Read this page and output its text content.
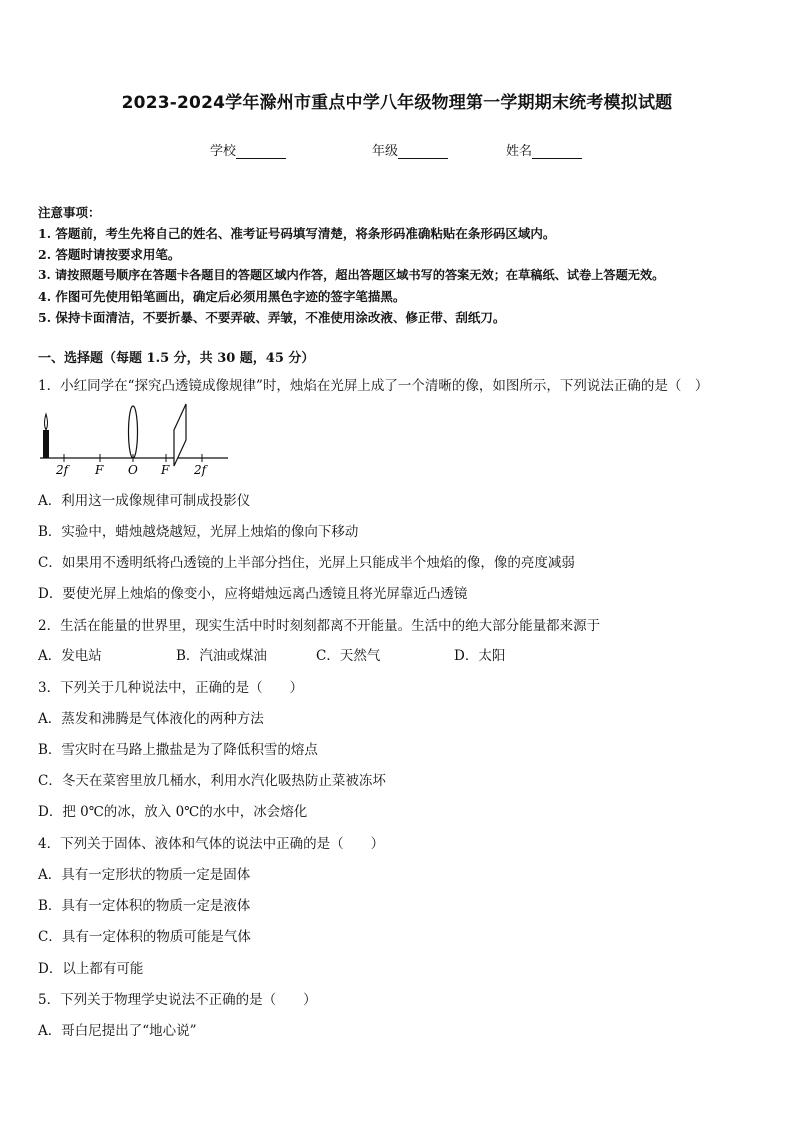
2023-2024学年滁州市重点中学八年级物理第一学期期末统考模拟试题
学校	年级	姓名
注意事项：
1. 答题前，考生先将自己的姓名、准考证号码填写清楚，将条形码准确粘贴在条形码区域内。
2. 答题时请按要求用笔。
3. 请按照题号顺序在答题卡各题目的答题区域内作答，超出答题区域书写的答案无效；在草稿纸、试卷上答题无效。
4. 作图可先使用铅笔画出，确定后必须用黑色字迹的签字笔描黑。
5. 保持卡面清洁，不要折暴、不要弄破、弄皱，不准使用涂改液、修正带、刮纸刀。
一、选择题（每题 1.5 分，共 30 题，45 分）
1．小红同学在“探究凸透镜成像规律”时，烛焰在光屏上成了一个清晰的像，如图所示，下列说法正确的是（　）
2f F O F 2f
A．利用这一成像规律可制成投影仪
B．实验中，蜡烛越烧越短，光屏上烛焰的像向下移动
C．如果用不透明纸将凸透镜的上半部分挡住，光屏上只能成半个烛焰的像，像的亮度减弱
D．要使光屏上烛焰的像变小，应将蜡烛远离凸透镜且将光屏靠近凸透镜
2．生活在能量的世界里，现实生活中时时刻刻都离不开能量。生活中的绝大部分能量都来源于
A．发电站	B．汽油或煤油	C．天然气	D．太阳
3．下列关于几种说法中，正确的是（　　）
A．蒸发和沸腾是气体液化的两种方法
B．雪灾时在马路上撒盐是为了降低积雪的熔点
C．冬天在菜窖里放几桶水，利用水汽化吸热防止菜被冻坏
D．把 0℃的冰，放入 0℃的水中，冰会熔化
4．下列关于固体、液体和气体的说法中正确的是（　　）
A．具有一定形状的物质一定是固体
B．具有一定体积的物质一定是液体
C．具有一定体积的物质可能是气体
D．以上都有可能
5．下列关于物理学史说法不正确的是（　　）
A．哥白尼提出了“地心说”
